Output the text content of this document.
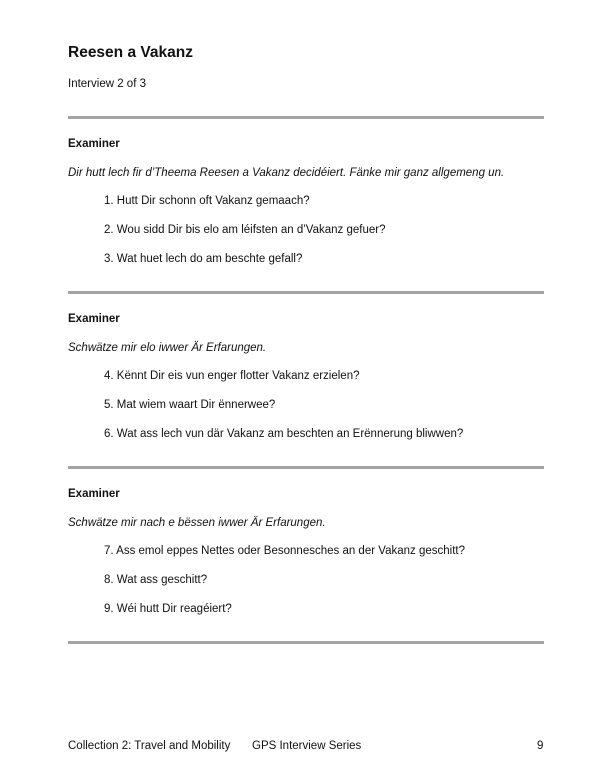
Reesen a Vakanz
Interview 2 of 3
Examiner
Dir hutt lech fir d’Theema Reesen a Vakanz decidéiert. Fänke mir ganz allgemeng un.
1. Hutt Dir schonn oft Vakanz gemaach?
2. Wou sidd Dir bis elo am léifsten an d’Vakanz gefuer?
3. Wat huet lech do am beschte gefall?
Examiner
Schwätze mir elo iwwer Är Erfarungen.
4. Kënnt Dir eis vun enger flotter Vakanz erzielen?
5. Mat wiem waart Dir ënnerwee?
6. Wat ass lech vun där Vakanz am beschten an Erënnerung bliwwen?
Examiner
Schwätze mir nach e bëssen iwwer Är Erfarungen.
7. Ass emol eppes Nettes oder Besonnesches an der Vakanz geschitt?
8. Wat ass geschitt?
9. Wéi hutt Dir reagéiert?
Collection 2: Travel and Mobility GPS Interview Series	9
